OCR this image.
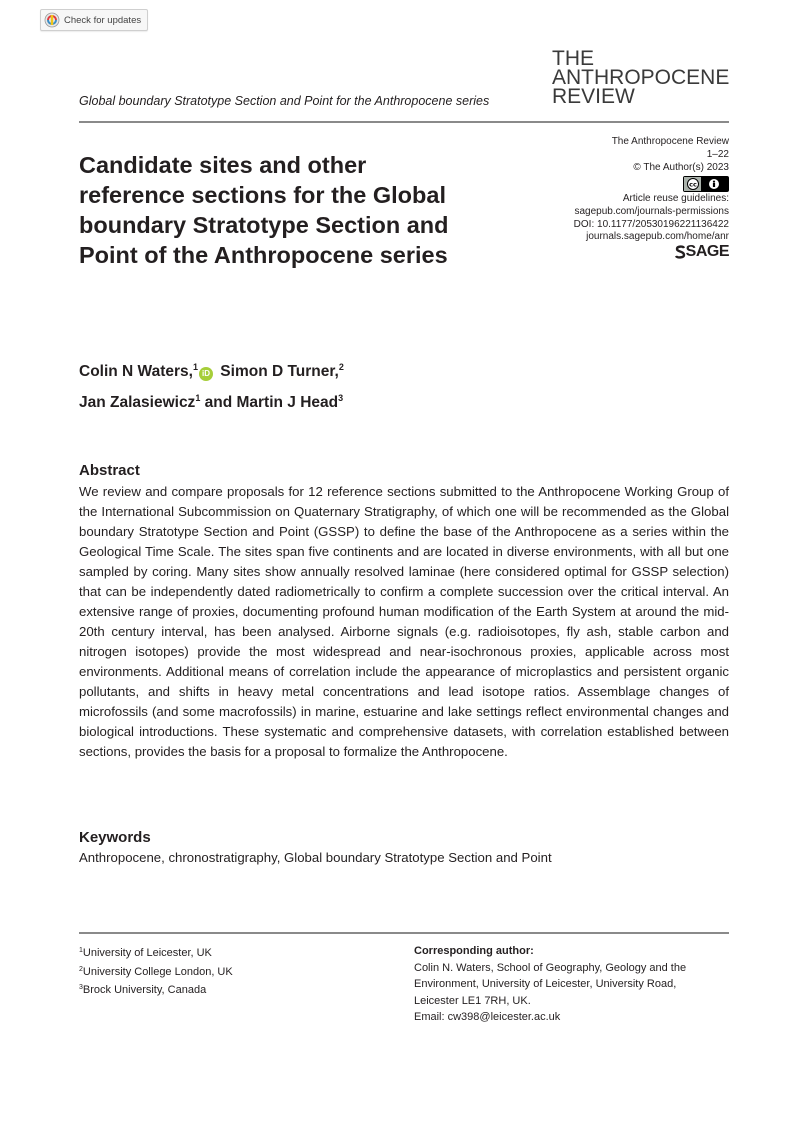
Check for updates
THE
ANTHROPOCENE
REVIEW
Global boundary Stratotype Section and Point for the Anthropocene series
The Anthropocene Review
1–22
© The Author(s) 2023
cc
Article reuse guidelines:
sagepub.com/journals-permissions
DOI: 10.1177/20530196221136422
journals.sagepub.com/home/anr
SAGE
Candidate sites and other reference sections for the Global boundary Stratotype Section and Point of the Anthropocene series
Colin N Waters,$^1$iD Simon D Turner,$^2$
Jan Zalasiewicz$^1$ and Martin J Head$^3$
Abstract

We review and compare proposals for 12 reference sections submitted to the Anthropocene Working Group of the International Subcommission on Quaternary Stratigraphy, of which one will be recommended as the Global boundary Stratotype Section and Point (GSSP) to define the base of the Anthropocene as a series within the Geological Time Scale. The sites span five continents and are located in diverse environments, with all but one sampled by coring. Many sites show annually resolved laminae (here considered optimal for GSSP selection) that can be independently dated radiometrically to confirm a complete succession over the critical interval. An extensive range of proxies, documenting profound human modification of the Earth System at around the mid-20th century interval, has been analysed. Airborne signals (e.g. radioisotopes, fly ash, stable carbon and nitrogen isotopes) provide the most widespread and near-isochronous proxies, applicable across most environments. Additional means of correlation include the appearance of microplastics and persistent organic pollutants, and shifts in heavy metal concentrations and lead isotope ratios. Assemblage changes of microfossils (and some macrofossils) in marine, estuarine and lake settings reflect environmental changes and biological introductions. These systematic and comprehensive datasets, with correlation established between sections, provides the basis for a proposal to formalize the Anthropocene.

Keywords
Anthropocene, chronostratigraphy, Global boundary Stratotype Section and Point
$^1$University of Leicester, UK
$^2$University College London, UK
$^3$Brock University, Canada
Corresponding author:
Colin N. Waters, School of Geography, Geology and the
Environment, University of Leicester, University Road,
Leicester LE1 7RH, UK.
Email: cw398@leicester.ac.uk
